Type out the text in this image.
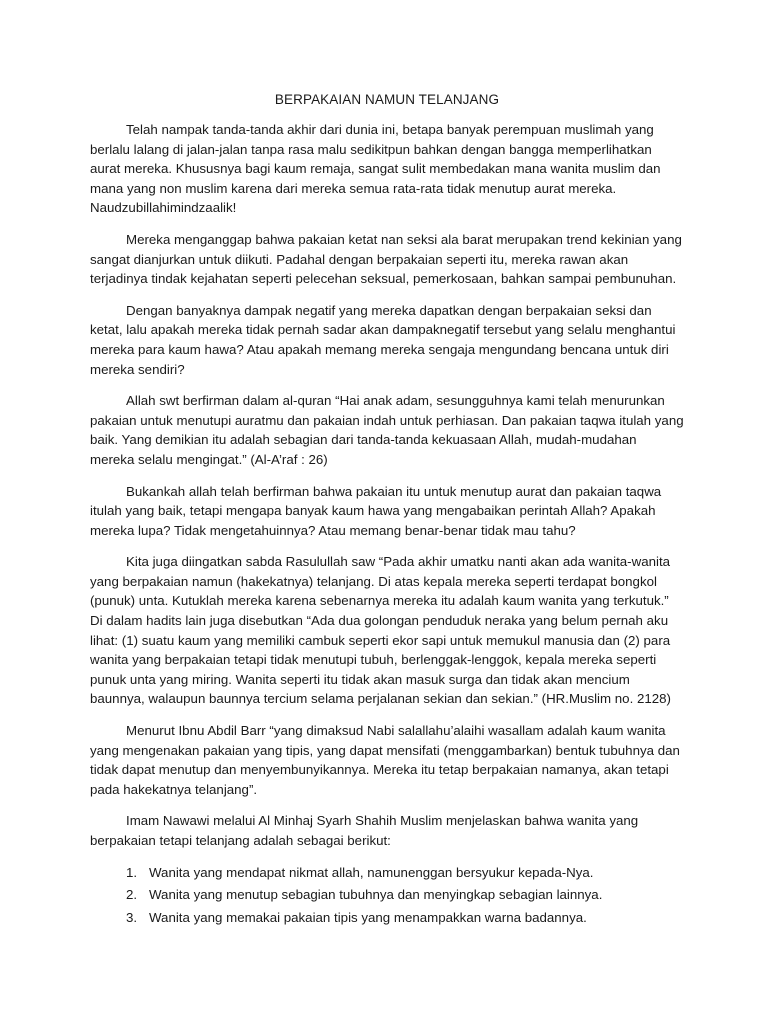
BERPAKAIAN NAMUN TELANJANG

Telah nampak tanda-tanda akhir dari dunia ini, betapa banyak perempuan muslimah yang berlalu lalang di jalan-jalan tanpa rasa malu sedikitpun bahkan dengan bangga memperlihatkan aurat mereka. Khususnya bagi kaum remaja, sangat sulit membedakan mana wanita muslim dan mana yang non muslim karena dari mereka semua rata-rata tidak menutup aurat mereka. Naudzubillahimindzaalik!

Mereka menganggap bahwa pakaian ketat nan seksi ala barat merupakan trend kekinian yang sangat dianjurkan untuk diikuti. Padahal dengan berpakaian seperti itu, mereka rawan akan terjadinya tindak kejahatan seperti pelecehan seksual, pemerkosaan, bahkan sampai pembunuhan.

Dengan banyaknya dampak negatif yang mereka dapatkan dengan berpakaian seksi dan ketat, lalu apakah mereka tidak pernah sadar akan dampaknegatif tersebut yang selalu menghantui mereka para kaum hawa? Atau apakah memang mereka sengaja mengundang bencana untuk diri mereka sendiri?

Allah swt berfirman dalam al-quran “Hai anak adam, sesungguhnya kami telah menurunkan pakaian untuk menutupi auratmu dan pakaian indah untuk perhiasan. Dan pakaian taqwa itulah yang baik. Yang demikian itu adalah sebagian dari tanda-tanda kekuasaan Allah, mudah-mudahan mereka selalu mengingat.” (Al-A’raf : 26)

Bukankah allah telah berfirman bahwa pakaian itu untuk menutup aurat dan pakaian taqwa itulah yang baik, tetapi mengapa banyak kaum hawa yang mengabaikan perintah Allah? Apakah mereka lupa? Tidak mengetahuinnya? Atau memang benar-benar tidak mau tahu?

Kita juga diingatkan sabda Rasulullah saw “Pada akhir umatku nanti akan ada wanita-wanita yang berpakaian namun (hakekatnya) telanjang. Di atas kepala mereka seperti terdapat bongkol (punuk) unta. Kutuklah mereka karena sebenarnya mereka itu adalah kaum wanita yang terkutuk.” Di dalam hadits lain juga disebutkan “Ada dua golongan penduduk neraka yang belum pernah aku lihat: (1) suatu kaum yang memiliki cambuk seperti ekor sapi untuk memukul manusia dan (2) para wanita yang berpakaian tetapi tidak menutupi tubuh, berlenggak-lenggok, kepala mereka seperti punuk unta yang miring. Wanita seperti itu tidak akan masuk surga dan tidak akan mencium baunnya, walaupun baunnya tercium selama perjalanan sekian dan sekian.” (HR.Muslim no. 2128)

Menurut Ibnu Abdil Barr “yang dimaksud Nabi salallahu’alaihi wasallam adalah kaum wanita yang mengenakan pakaian yang tipis, yang dapat mensifati (menggambarkan) bentuk tubuhnya dan tidak dapat menutup dan menyembunyikannya. Mereka itu tetap berpakaian namanya, akan tetapi pada hakekatnya telanjang”.

Imam Nawawi melalui Al Minhaj Syarh Shahih Muslim menjelaskan bahwa wanita yang berpakaian tetapi telanjang adalah sebagai berikut:

1. Wanita yang mendapat nikmat allah, namunenggan bersyukur kepada-Nya.
2. Wanita yang menutup sebagian tubuhnya dan menyingkap sebagian lainnya.
3. Wanita yang memakai pakaian tipis yang menampakkan warna badannya.
